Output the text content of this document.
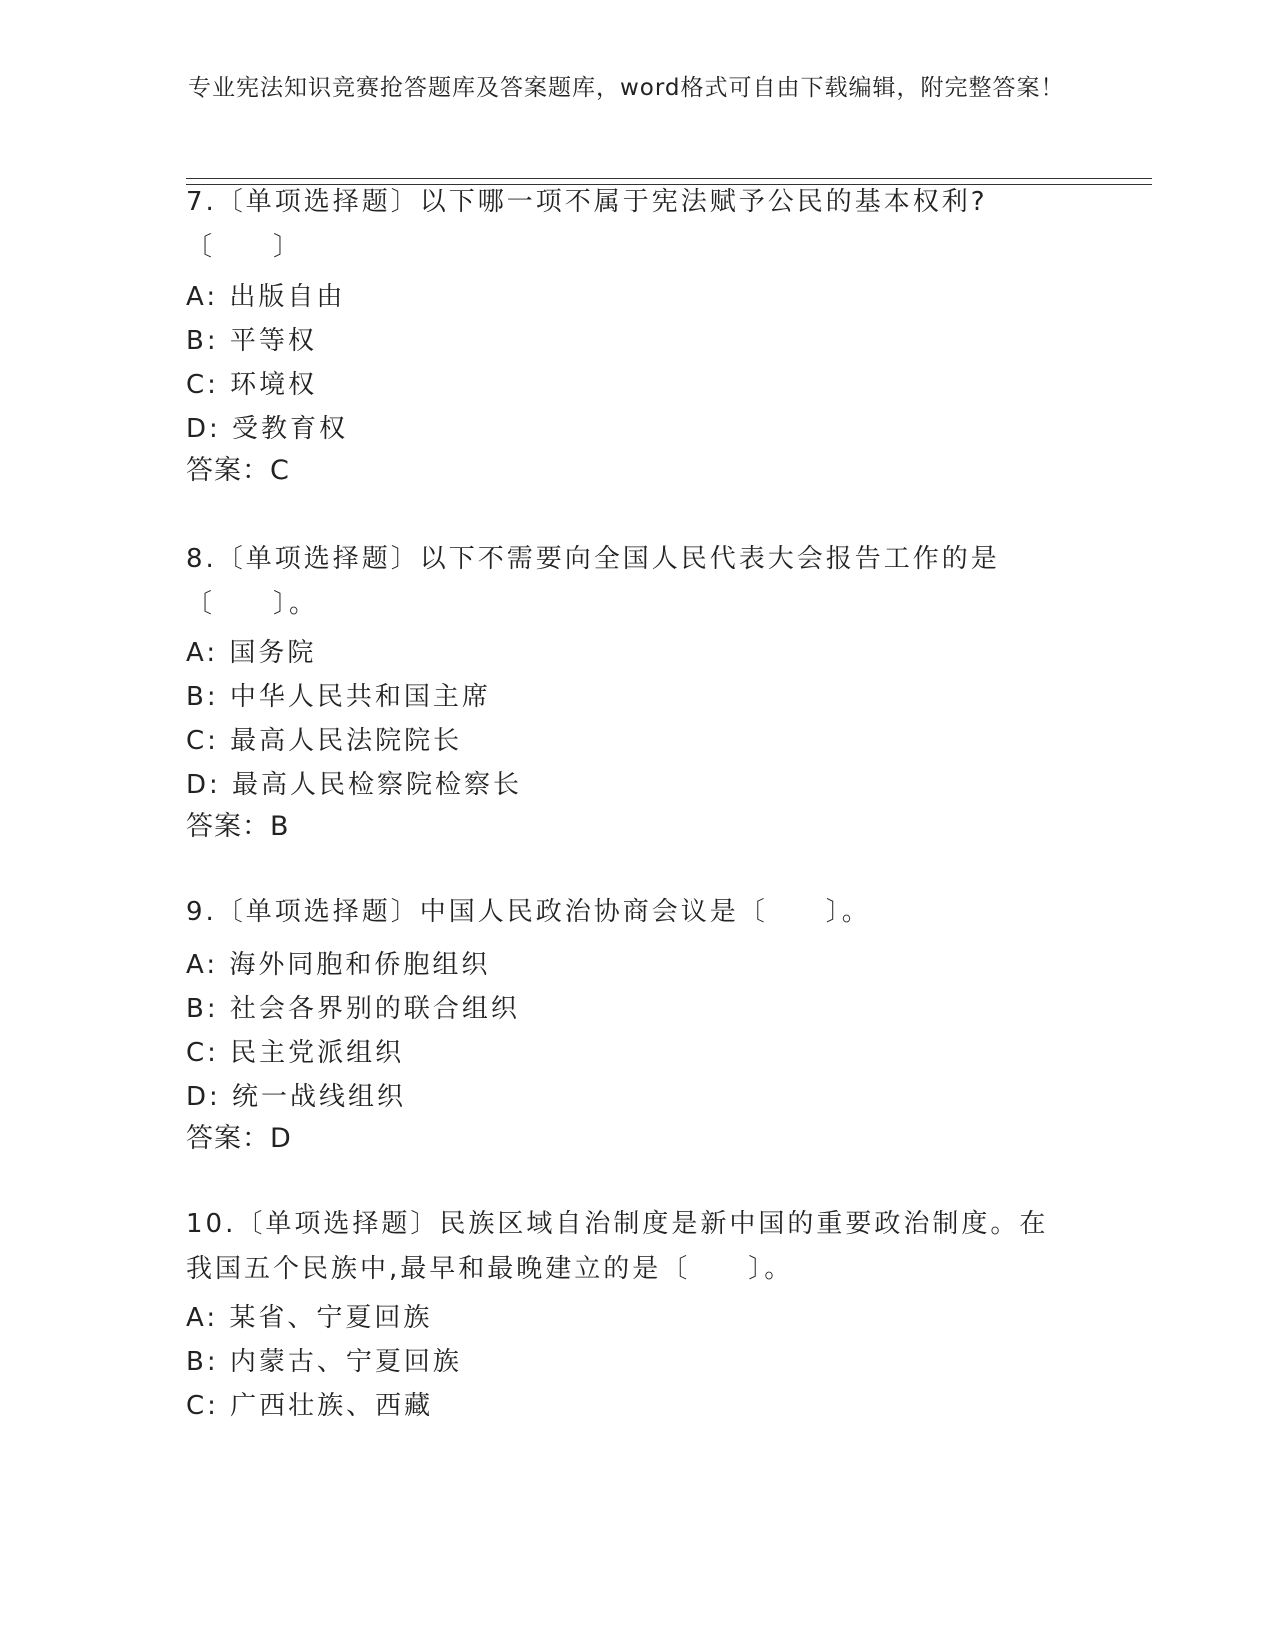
专业宪法知识竞赛抢答题库及答案题库，word格式可自由下载编辑，附完整答案！
7.〔单项选择题〕以下哪一项不属于宪法赋予公民的基本权利?〔　　〕
A: 出版自由
B: 平等权
C: 环境权
D: 受教育权
答案：C
8.〔单项选择题〕以下不需要向全国人民代表大会报告工作的是〔　　〕。
A: 国务院
B: 中华人民共和国主席
C: 最高人民法院院长
D: 最高人民检察院检察长
答案：B
9.〔单项选择题〕中国人民政治协商会议是〔　　〕。
A: 海外同胞和侨胞组织
B: 社会各界别的联合组织
C: 民主党派组织
D: 统一战线组织
答案：D
10.〔单项选择题〕民族区域自治制度是新中国的重要政治制度。在我国五个民族中,最早和最晚建立的是〔　　〕。
A: 某省、宁夏回族
B: 内蒙古、宁夏回族
C: 广西壮族、西藏
